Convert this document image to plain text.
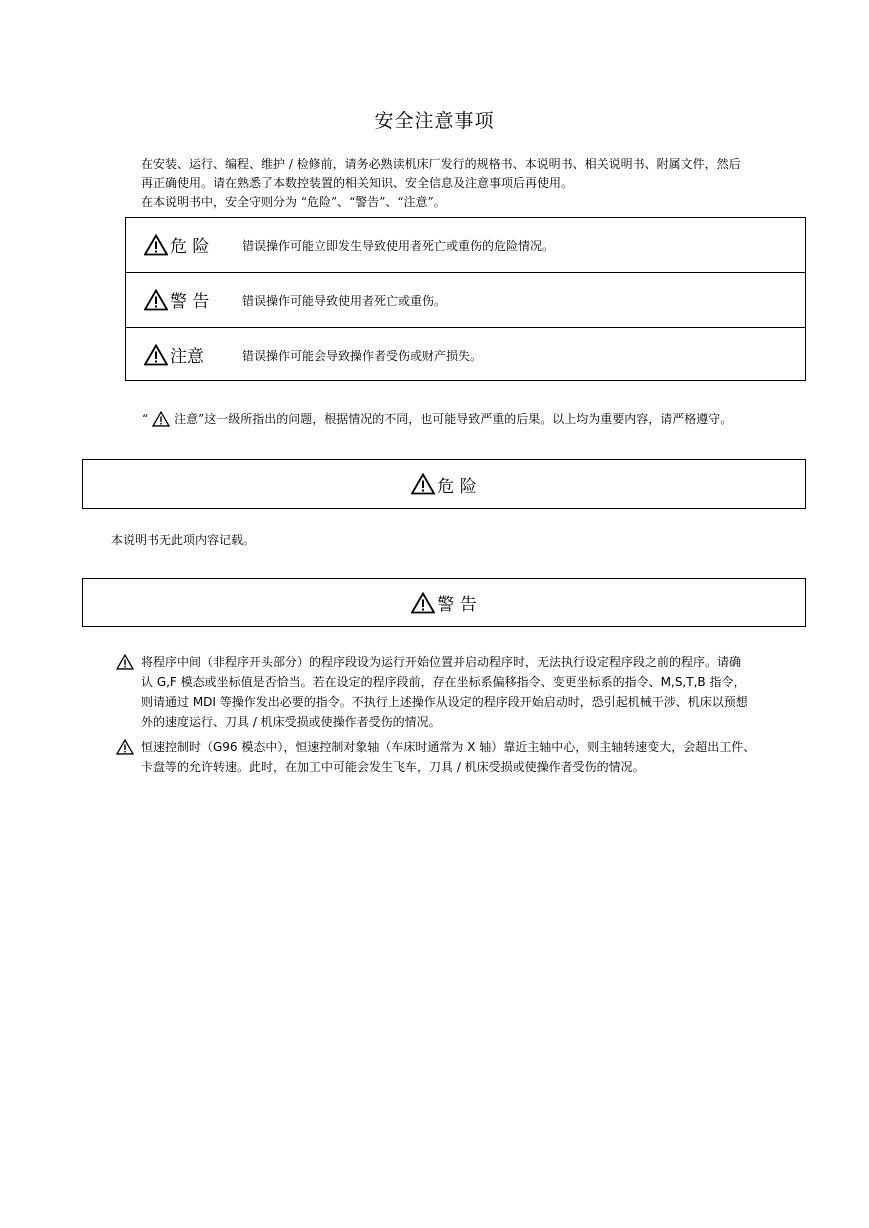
安全注意事项
在安装、运行、编程、维护 / 检修前，请务必熟读机床厂发行的规格书、本说明书、相关说明书、附属文件，然后
再正确使用。请在熟悉了本数控装置的相关知识、安全信息及注意事项后再使用。
在本说明书中，安全守则分为 “危险”、“警告”、“注意”。
危 险	错误操作可能立即发生导致使用者死亡或重伤的危险情况。
警 告	错误操作可能导致使用者死亡或重伤。
注意	错误操作可能会导致操作者受伤或财产损失。
“ 注意” 这一级所指出的问题，根据情况的不同，也可能导致严重的后果。以上均为重要内容，请严格遵守。
危 险
本说明书无此项内容记载。
警 告
将程序中间（非程序开头部分）的程序段设为运行开始位置并启动程序时，无法执行设定程序段之前的程序。请确
认 G,F 模态或坐标值是否恰当。若在设定的程序段前，存在坐标系偏移指令、变更坐标系的指令、M,S,T,B 指令，
则请通过 MDI 等操作发出必要的指令。不执行上述操作从设定的程序段开始启动时，恐引起机械干涉、机床以预想
外的速度运行、刀具 / 机床受损或使操作者受伤的情况。
恒速控制时（G96 模态中），恒速控制对象轴（车床时通常为 X 轴）靠近主轴中心，则主轴转速变大，会超出工件、
卡盘等的允许转速。此时，在加工中可能会发生飞车，刀具 / 机床受损或使操作者受伤的情况。
